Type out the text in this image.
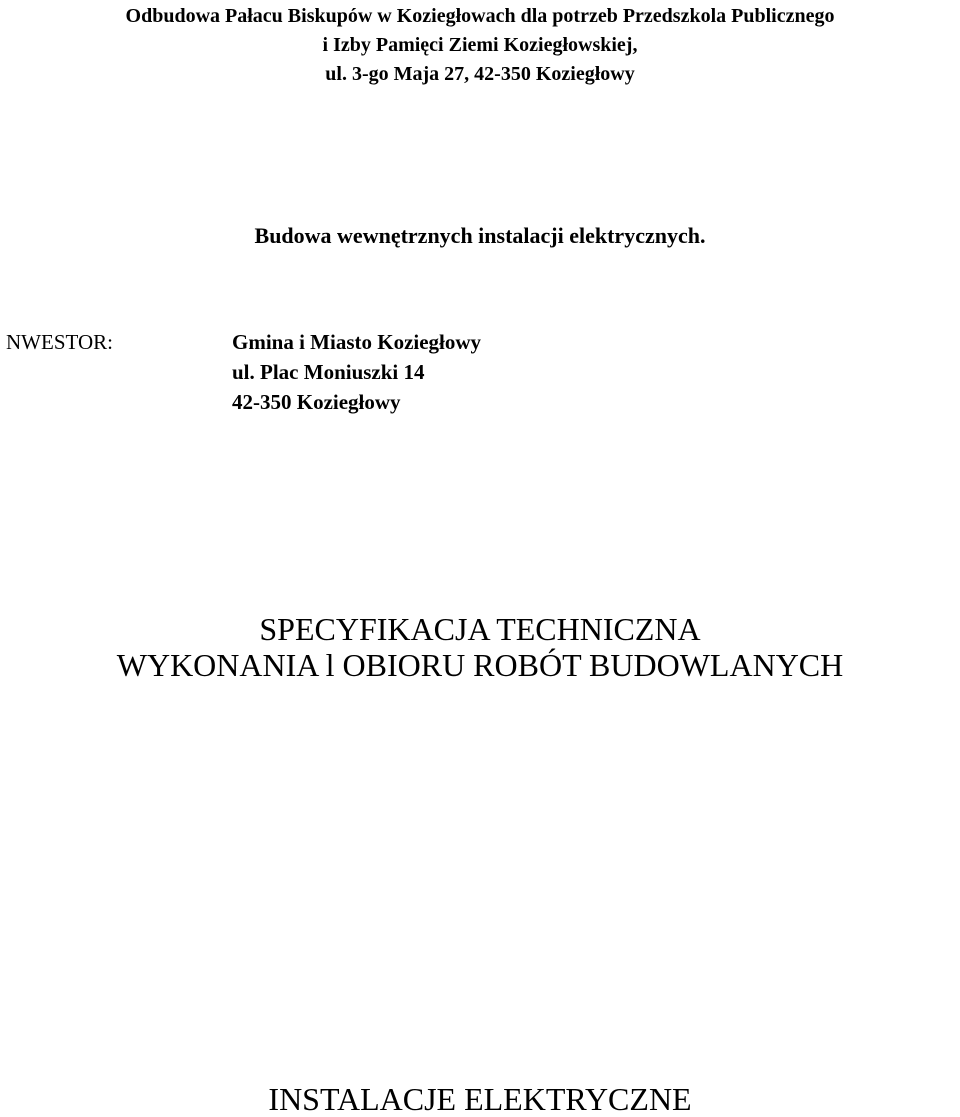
Odbudowa Pałacu Biskupów w Koziegłowach dla potrzeb Przedszkola Publicznego
i Izby Pamięci Ziemi Koziegłowskiej,
ul. 3-go Maja 27, 42-350 Koziegłowy
Budowa wewnętrznych instalacji elektrycznych.
NWESTOR:	Gmina i Miasto Koziegłowy
ul. Plac Moniuszki 14
42-350 Koziegłowy
SPECYFIKACJA TECHNICZNA
WYKONANIA l OBIORU ROBÓT BUDOWLANYCH
INSTALACJE ELEKTRYCZNE
